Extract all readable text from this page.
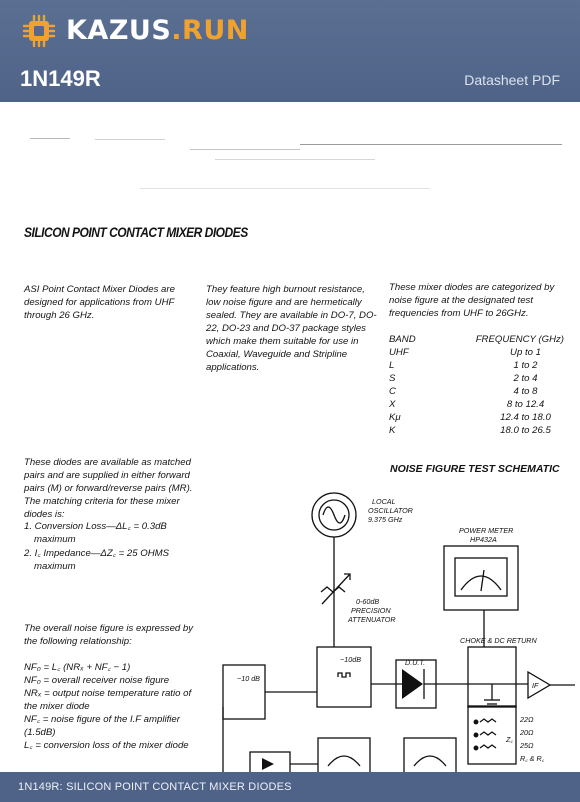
KAZUS.RUN
1N149R	Datasheet PDF
SILICON POINT CONTACT MIXER DIODES
ASI Point Contact Mixer Diodes are designed for applications from UHF through 26 GHz.
They feature high burnout resistance, low noise figure and are hermetically sealed. They are available in DO-7, DO-22, DO-23 and DO-37 package styles which make them suitable for use in Coaxial, Waveguide and Stripline applications.
These mixer diodes are categorized by noise figure at the designated test frequencies from UHF to 26GHz.
BAND	FREQUENCY (GHz)
UHF	Up to 1
L	1 to 2
S	2 to 4
C	4 to 8
X	8 to 12.4
Kμ	12.4 to 18.0
K	18.0 to 26.5
These diodes are available as matched pairs and are supplied in either forward pairs (M) or forward/reverse pairs (MR). The matching criteria for these mixer diodes is:
1. Conversion Loss—ΔL꜀ = 0.3dB maximum
2. I꜀ Impedance—ΔZ꜀ = 25 OHMS maximum
The overall noise figure is expressed by the following relationship:
NF₀ = L꜀ (NRₓ + NF꜀ − 1)
NF₀ = overall receiver noise figure
NRₓ = output noise temperature ratio of the mixer diode
NF꜀ = noise figure of the I.F amplifier (1.5dB)
L꜀ = conversion loss of the mixer diode
NOISE FIGURE TEST SCHEMATIC
LOCAL
OSCILLATOR
9.375 GHz
POWER METER
HP432A
0-60dB
PRECISION
ATTENUATOR
−10dB
−10 dB
D.U.T.
CHOKE & DC RETURN
IF
22Ω
20Ω
25Ω
Z꜀
R꜀ & R꜀
1N149R: SILICON POINT CONTACT MIXER DIODES
